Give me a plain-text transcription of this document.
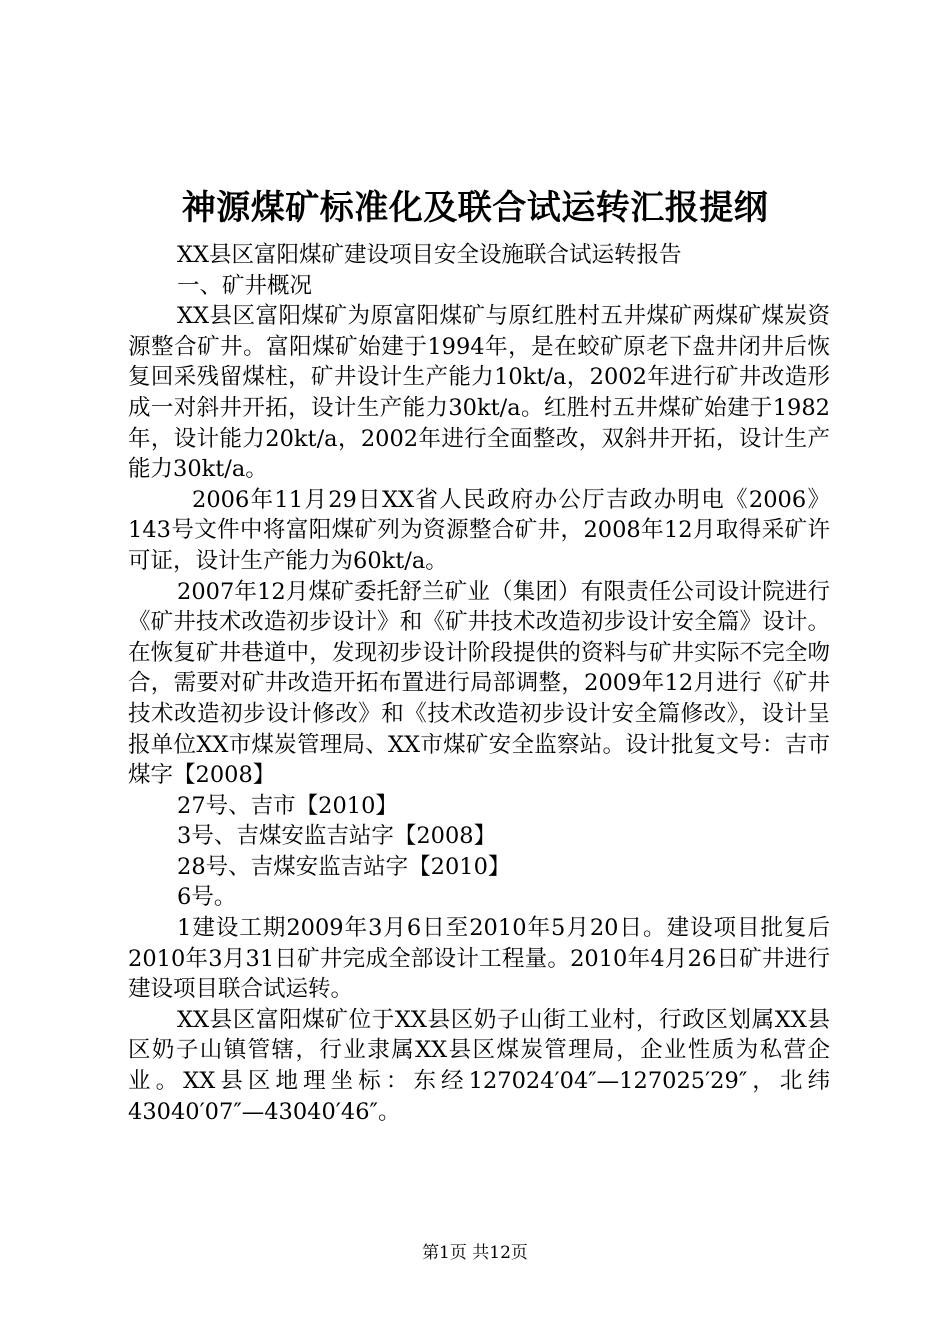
神源煤矿标准化及联合试运转汇报提纲

XX县区富阳煤矿建设项目安全设施联合试运转报告

一、矿井概况

XX县区富阳煤矿为原富阳煤矿与原红胜村五井煤矿两煤矿煤炭资源整合矿井。富阳煤矿始建于1994年，是在蛟矿原老下盘井闭井后恢复回采残留煤柱，矿井设计生产能力10kt/a，2002年进行矿井改造形成一对斜井开拓，设计生产能力30kt/a。红胜村五井煤矿始建于1982年，设计能力20kt/a，2002年进行全面整改，双斜井开拓，设计生产能力30kt/a。

2006年11月29日XX省人民政府办公厅吉政办明电《2006》143号文件中将富阳煤矿列为资源整合矿井，2008年12月取得采矿许可证，设计生产能力为60kt/a。

2007年12月煤矿委托舒兰矿业（集团）有限责任公司设计院进行《矿井技术改造初步设计》和《矿井技术改造初步设计安全篇》设计。在恢复矿井巷道中，发现初步设计阶段提供的资料与矿井实际不完全吻合，需要对矿井改造开拓布置进行局部调整，2009年12月进行《矿井技术改造初步设计修改》和《技术改造初步设计安全篇修改》，设计呈报单位XX市煤炭管理局、XX市煤矿安全监察站。设计批复文号：吉市煤字【2008】

27号、吉市【2010】

3号、吉煤安监吉站字【2008】

28号、吉煤安监吉站字【2010】

6号。

1建设工期2009年3月6日至2010年5月20日。建设项目批复后2010年3月31日矿井完成全部设计工程量。2010年4月26日矿井进行建设项目联合试运转。

XX县区富阳煤矿位于XX县区奶子山街工业村，行政区划属XX县区奶子山镇管辖，行业隶属XX县区煤炭管理局，企业性质为私营企业。XX县区地理坐标：东经127024′04″—127025′29″，北纬43040′07″—43040′46″。

第1页 共12页
